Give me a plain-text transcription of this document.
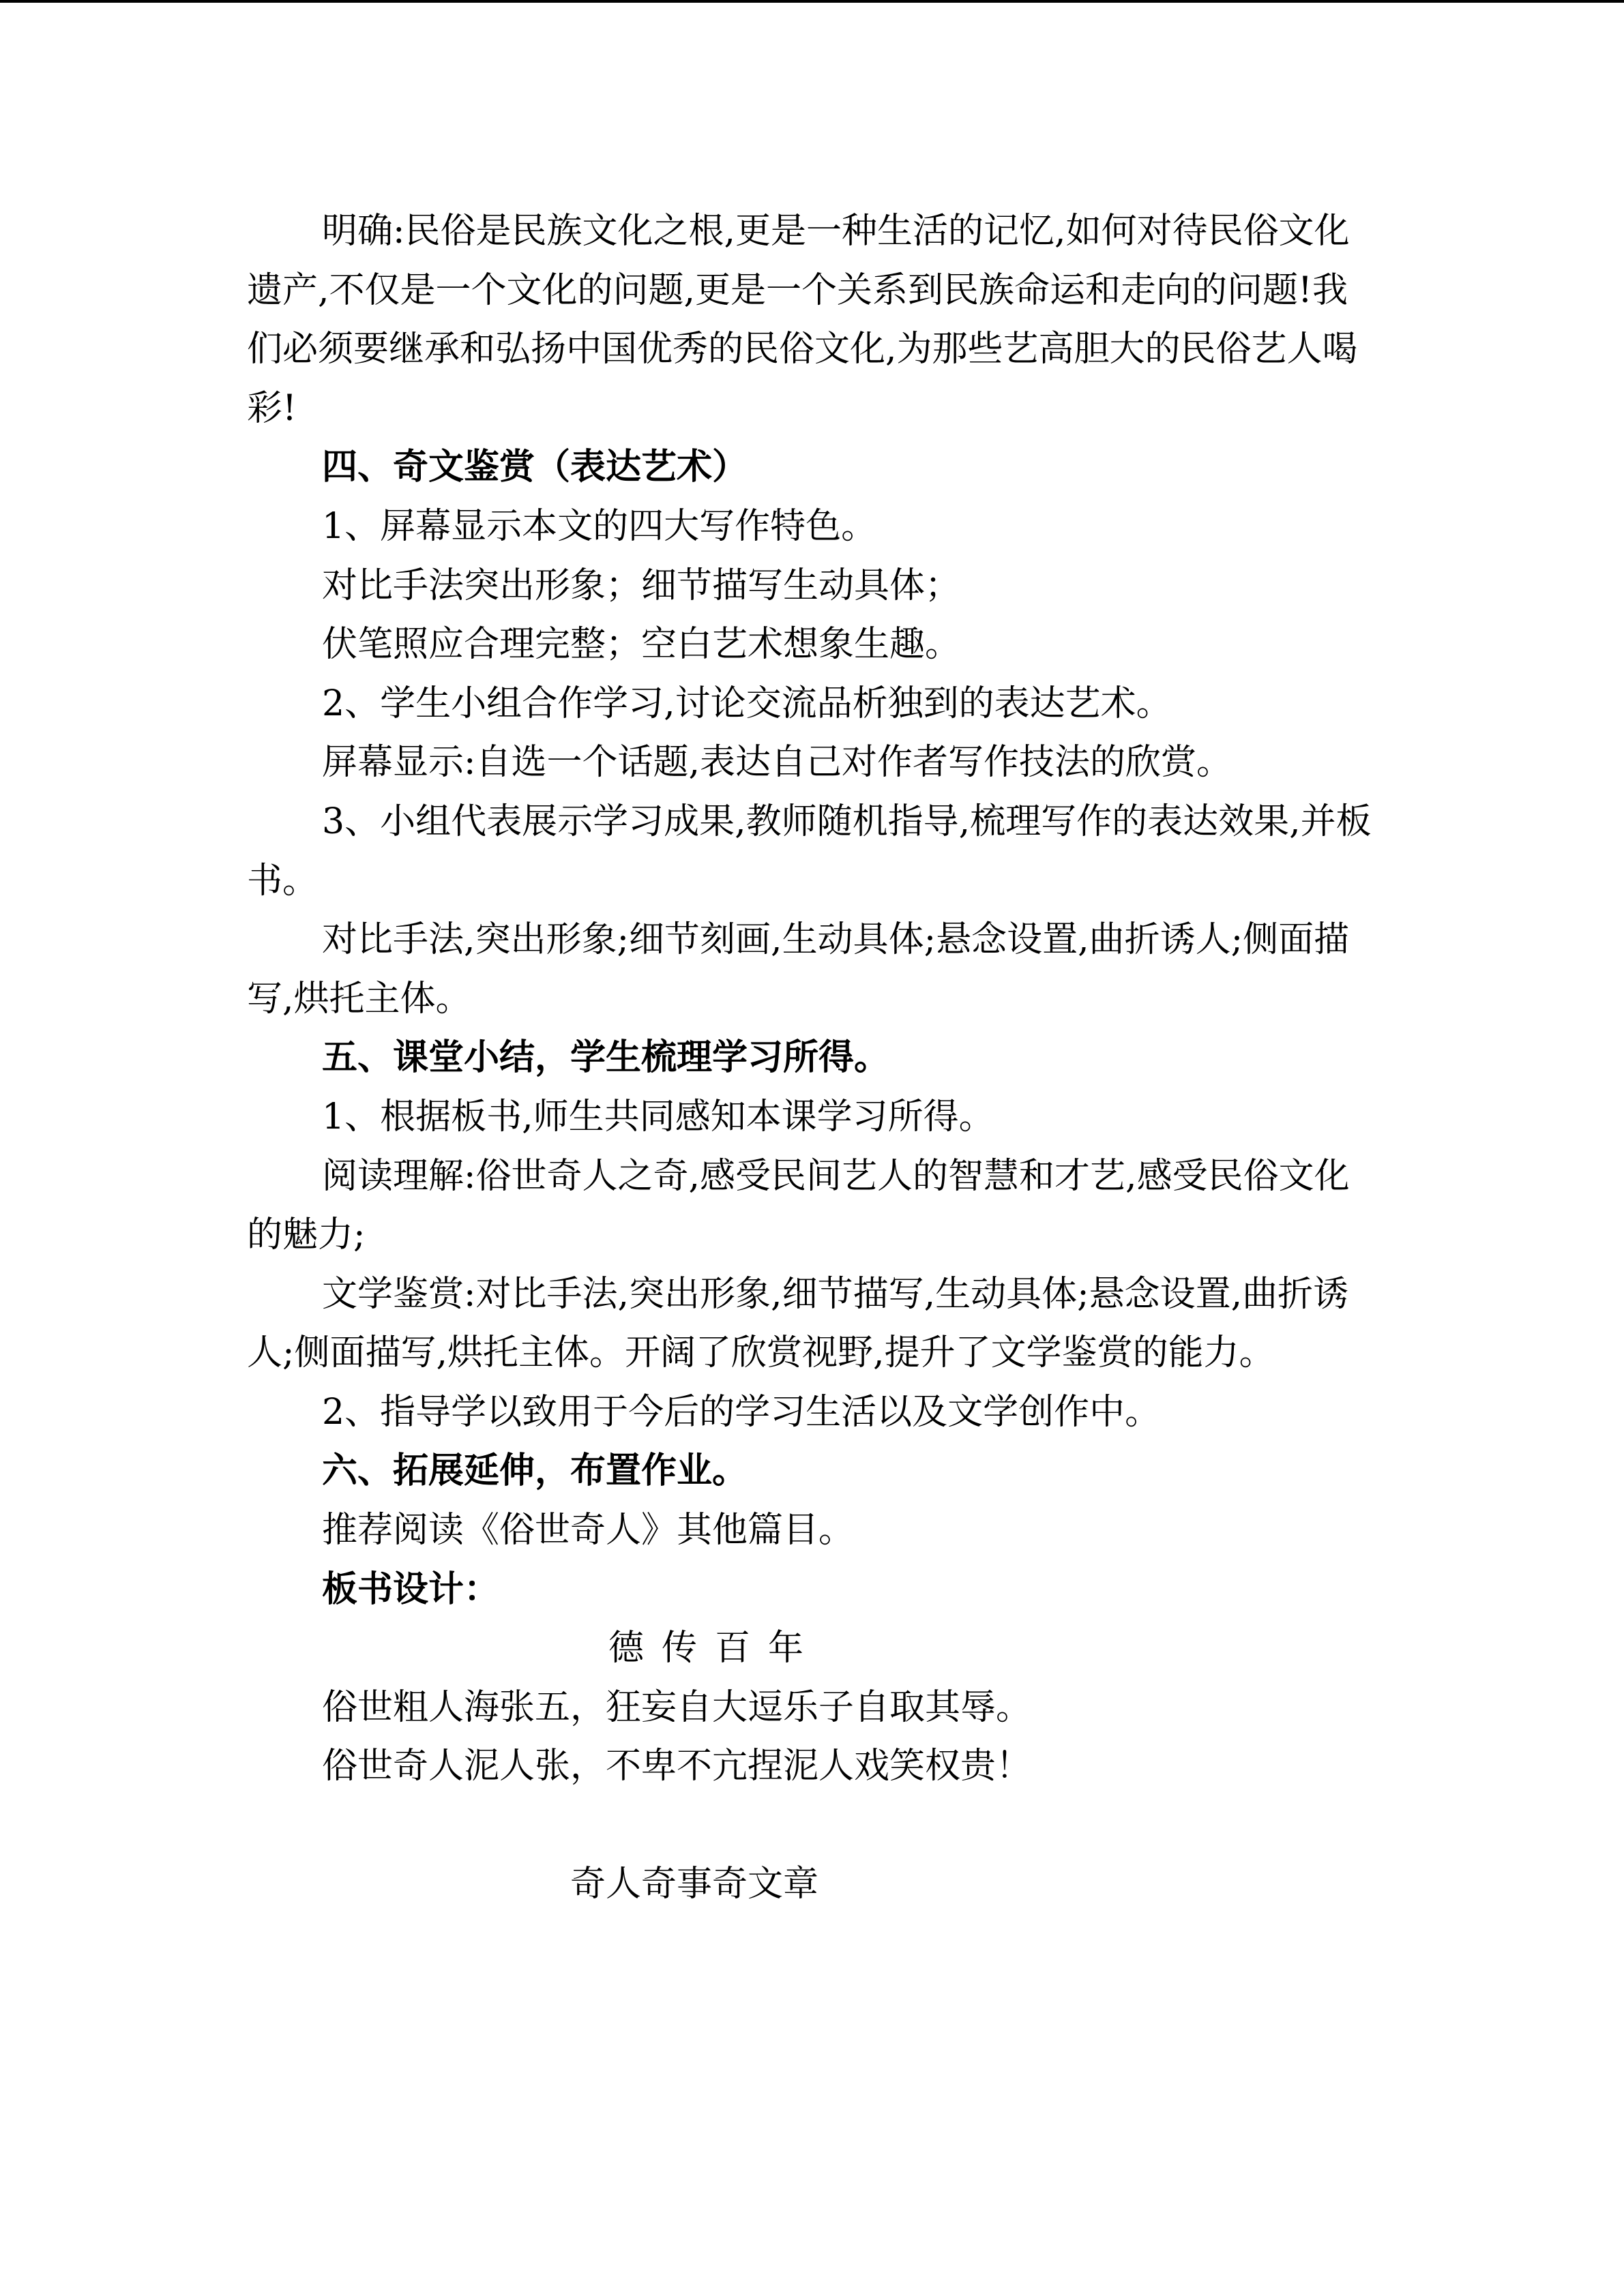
明确:民俗是民族文化之根,更是一种生活的记忆,如何对待民俗文化遗产,不仅是一个文化的问题,更是一个关系到民族命运和走向的问题!我们必须要继承和弘扬中国优秀的民俗文化,为那些艺高胆大的民俗艺人喝彩!

四、奇文鉴赏（表达艺术）

1、屏幕显示本文的四大写作特色。

对比手法突出形象；细节描写生动具体；

伏笔照应合理完整；空白艺术想象生趣。

2、学生小组合作学习,讨论交流品析独到的表达艺术。

屏幕显示:自选一个话题,表达自己对作者写作技法的欣赏。

3、小组代表展示学习成果,教师随机指导,梳理写作的表达效果,并板书。

对比手法,突出形象;细节刻画,生动具体;悬念设置,曲折诱人;侧面描写,烘托主体。

五、课堂小结，学生梳理学习所得。

1、根据板书,师生共同感知本课学习所得。

阅读理解:俗世奇人之奇,感受民间艺人的智慧和才艺,感受民俗文化的魅力;

文学鉴赏:对比手法,突出形象,细节描写,生动具体;悬念设置,曲折诱人;侧面描写,烘托主体。开阔了欣赏视野,提升了文学鉴赏的能力。

2、指导学以致用于今后的学习生活以及文学创作中。

六、拓展延伸，布置作业。

推荐阅读《俗世奇人》其他篇目。

板书设计：

德传百年

俗世粗人海张五，狂妄自大逗乐子自取其辱。

俗世奇人泥人张，不卑不亢捏泥人戏笑权贵！

奇人奇事奇文章
